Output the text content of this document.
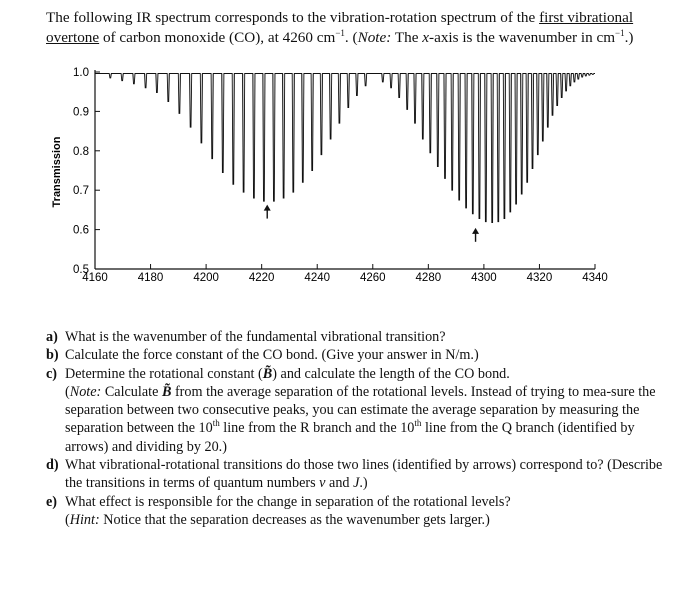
The following IR spectrum corresponds to the vibration-rotation spectrum of the first vibrational overtone of carbon monoxide (CO), at 4260 $cm^{-1}$. (Note: The x-axis is the wavenumber in $cm^{-1}$.)
4160	4180	4200	4220	4240	4260	4280	4300	4320	4340
1.0
0.9
0.8
0.7
0.6
0.5
Transmission
a) What is the wavenumber of the fundamental vibrational transition?
b) Calculate the force constant of the CO bond. (Give your answer in N/m.)
c) Determine the rotational constant (B̃) and calculate the length of the CO bond.
(Note: Calculate B̃ from the average separation of the rotational levels. Instead of trying to mea-sure the separation between two consecutive peaks, you can estimate the average separation by measuring the separation between the 10th line from the R branch and the 10th line from the Q branch (identified by arrows) and dividing by 20.)
d) What vibrational-rotational transitions do those two lines (identified by arrows) correspond to? (Describe the transitions in terms of quantum numbers v and J.)
e) What effect is responsible for the change in separation of the rotational levels?
(Hint: Notice that the separation decreases as the wavenumber gets larger.)
